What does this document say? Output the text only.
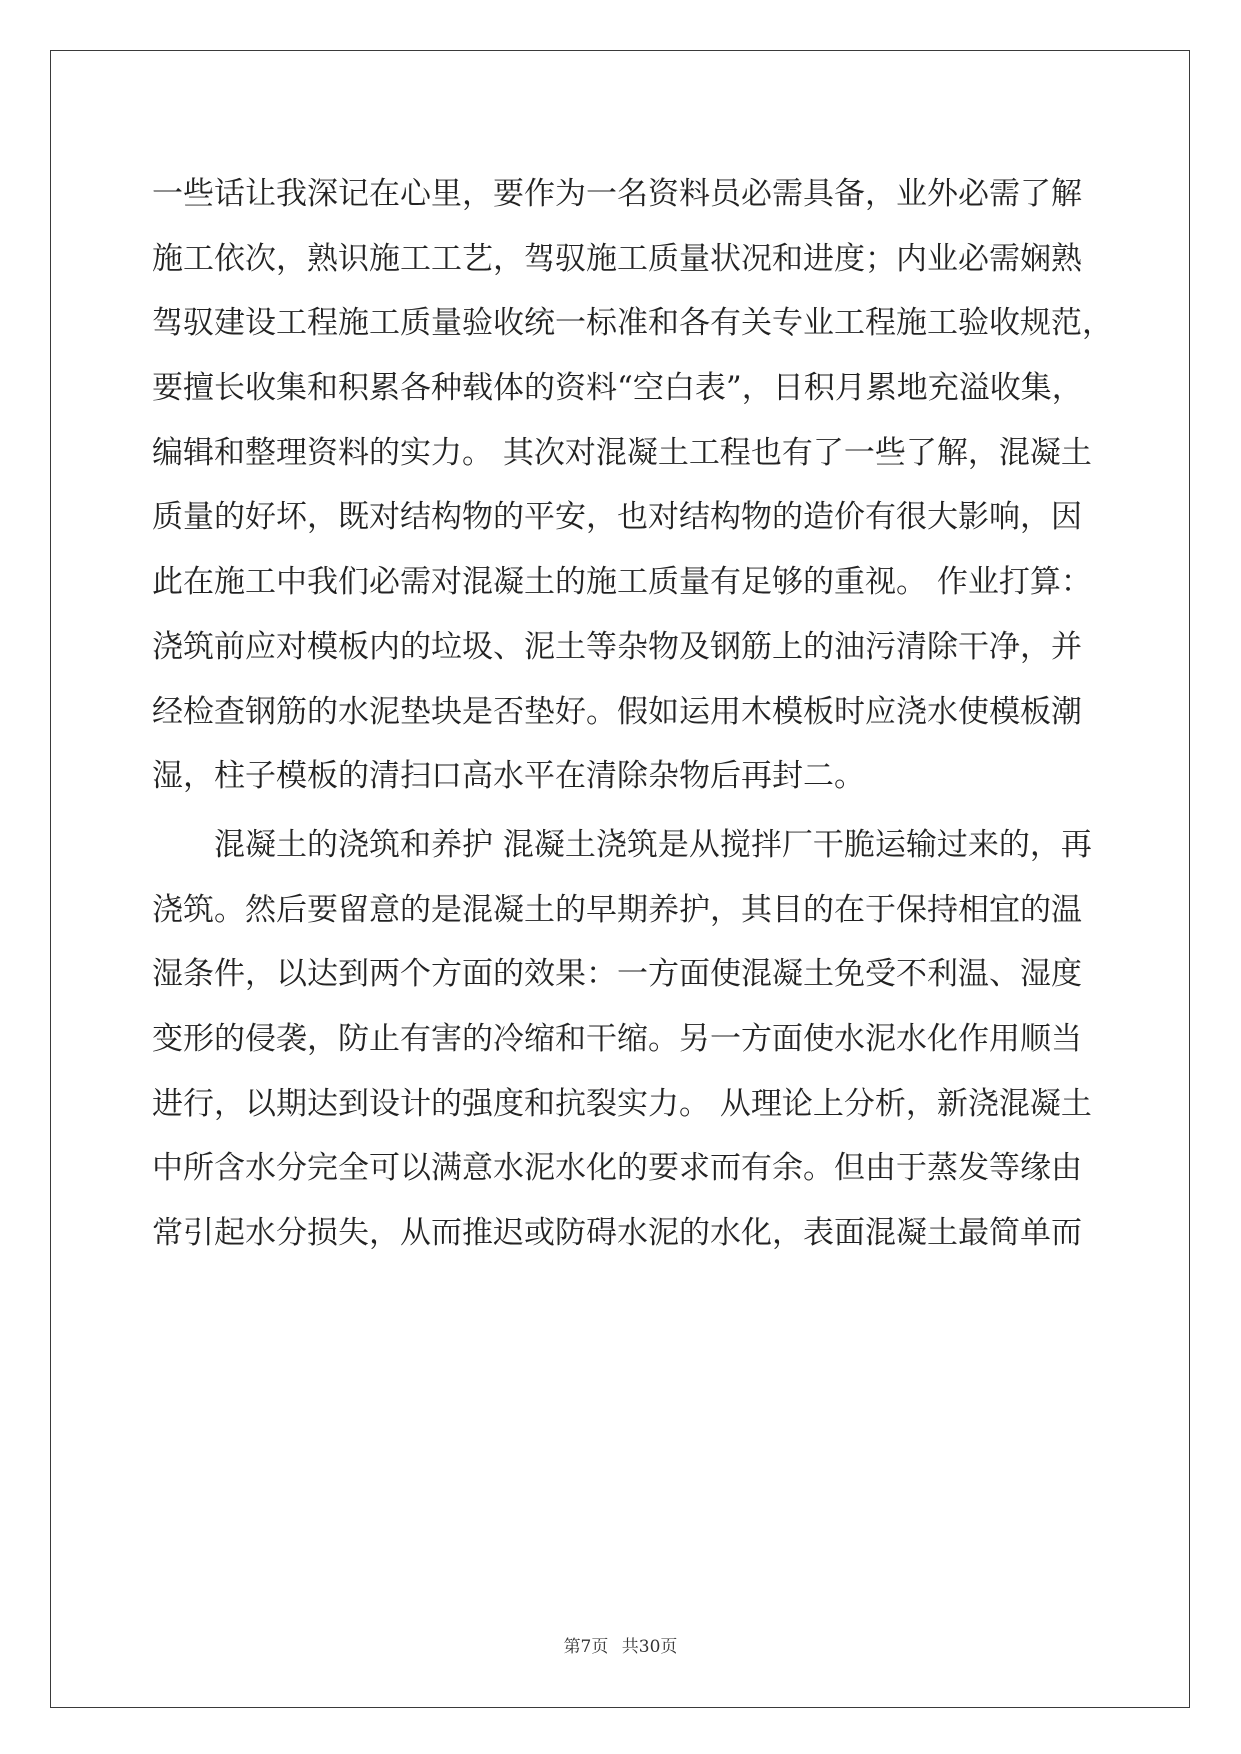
一些话让我深记在心里，要作为一名资料员必需具备，业外必需了解
施工依次，熟识施工工艺，驾驭施工质量状况和进度；内业必需娴熟
驾驭建设工程施工质量验收统一标准和各有关专业工程施工验收规范，
要擅长收集和积累各种载体的资料“空白表”，日积月累地充溢收集，
编辑和整理资料的实力。 其次对混凝土工程也有了一些了解，混凝土
质量的好坏，既对结构物的平安，也对结构物的造价有很大影响，因
此在施工中我们必需对混凝土的施工质量有足够的重视。 作业打算：
浇筑前应对模板内的垃圾、泥土等杂物及钢筋上的油污清除干净，并
经检查钢筋的水泥垫块是否垫好。假如运用木模板时应浇水使模板潮
湿，柱子模板的清扫口高水平在清除杂物后再封二。
混凝土的浇筑和养护 混凝土浇筑是从搅拌厂干脆运输过来的，再
浇筑。然后要留意的是混凝土的早期养护，其目的在于保持相宜的温
湿条件，以达到两个方面的效果：一方面使混凝土免受不利温、湿度
变形的侵袭，防止有害的冷缩和干缩。另一方面使水泥水化作用顺当
进行，以期达到设计的强度和抗裂实力。 从理论上分析，新浇混凝土
中所含水分完全可以满意水泥水化的要求而有余。但由于蒸发等缘由
常引起水分损失，从而推迟或防碍水泥的水化，表面混凝土最简单而
第7页 共30页
